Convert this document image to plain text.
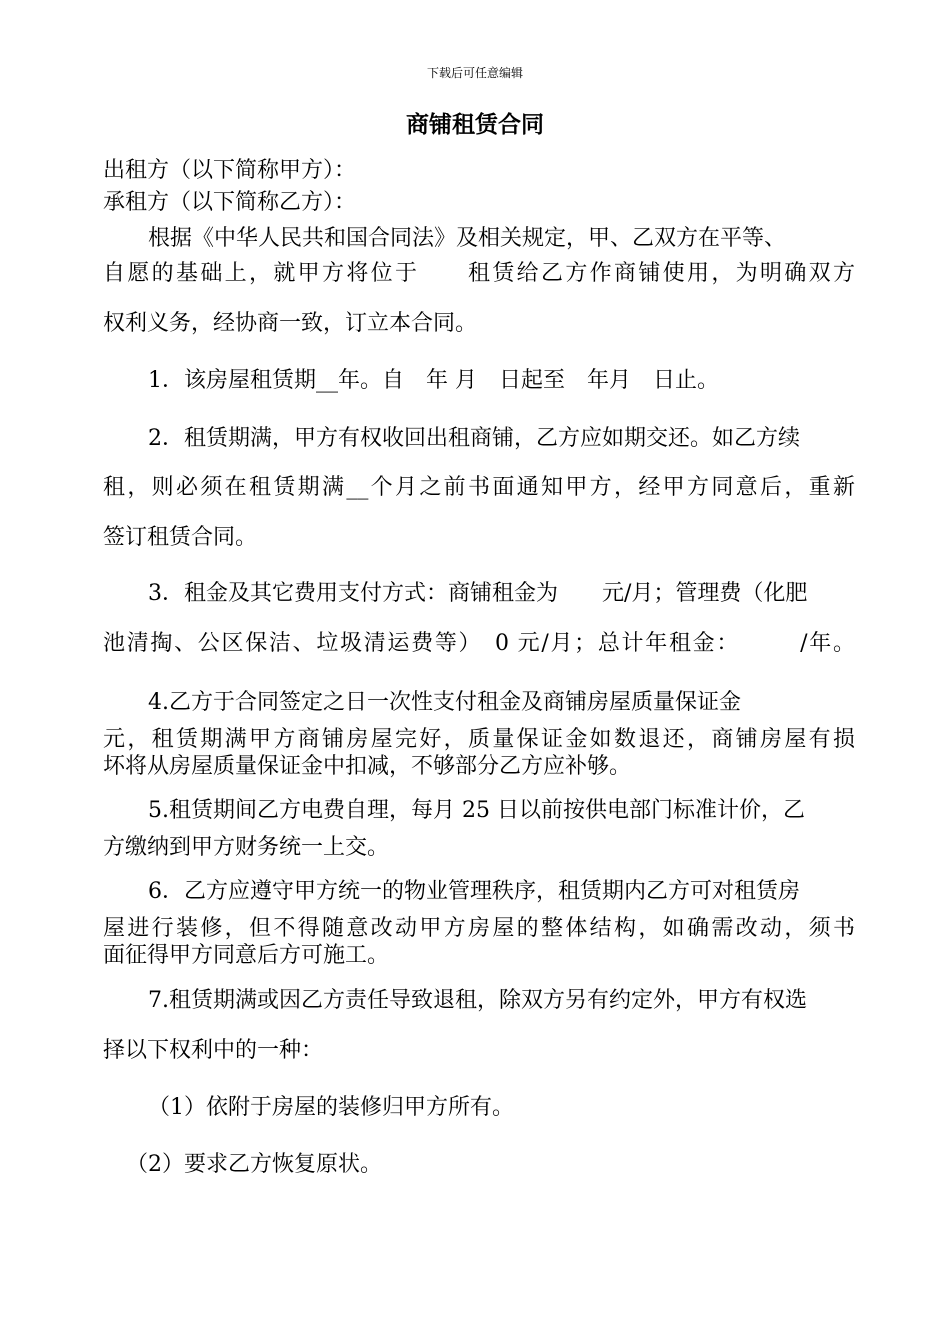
下载后可任意编辑
商铺租赁合同
出租方（以下简称甲方）：
承租方（以下简称乙方）：
根据《中华人民共和国合同法》及相关规定，甲、乙双方在平等、
自愿的基础上，就甲方将位于　　租赁给乙方作商铺使用，为明确双方
权利义务，经协商一致，订立本合同。
1．该房屋租赁期__年。自　年 月　日起至　年月　日止。
2．租赁期满，甲方有权收回出租商铺，乙方应如期交还。如乙方续
租，则必须在租赁期满__个月之前书面通知甲方，经甲方同意后，重新
签订租赁合同。
3．租金及其它费用支付方式：商铺租金为　　元/月；管理费（化肥
池清掏、公区保洁、垃圾清运费等）　0 元/月；总计年租金：　　　/年。
4.乙方于合同签定之日一次性支付租金及商铺房屋质量保证金
元，租赁期满甲方商铺房屋完好，质量保证金如数退还，商铺房屋有损
坏将从房屋质量保证金中扣减，不够部分乙方应补够。
5.租赁期间乙方电费自理，每月 25 日以前按供电部门标准计价，乙
方缴纳到甲方财务统一上交。
6．乙方应遵守甲方统一的物业管理秩序，租赁期内乙方可对租赁房
屋进行装修，但不得随意改动甲方房屋的整体结构，如确需改动，须书
面征得甲方同意后方可施工。
7.租赁期满或因乙方责任导致退租，除双方另有约定外，甲方有权选
择以下权利中的一种：
（1）依附于房屋的装修归甲方所有。
（2）要求乙方恢复原状。
